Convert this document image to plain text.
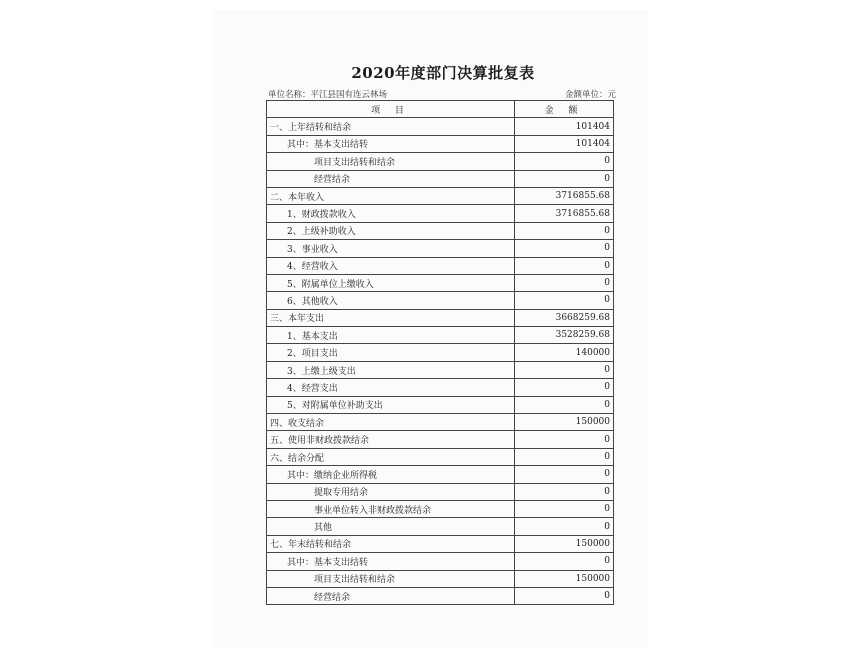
2020年度部门决算批复表
单位名称：平江县国有连云林场	金额单位：元
项 目	金 额
一、上年结转和结余	101404
其中：基本支出结转	101404
项目支出结转和结余	0
经营结余	0
二、本年收入	3716855.68
1、财政拨款收入	3716855.68
2、上级补助收入	0
3、事业收入	0
4、经营收入	0
5、附属单位上缴收入	0
6、其他收入	0
三、本年支出	3668259.68
1、基本支出	3528259.68
2、项目支出	140000
3、上缴上级支出	0
4、经营支出	0
5、对附属单位补助支出	0
四、收支结余	150000
五、使用非财政拨款结余	0
六、结余分配	0
其中：缴纳企业所得税	0
提取专用结余	0
事业单位转入非财政拨款结余	0
其他	0
七、年末结转和结余	150000
其中：基本支出结转	0
项目支出结转和结余	150000
经营结余	0
